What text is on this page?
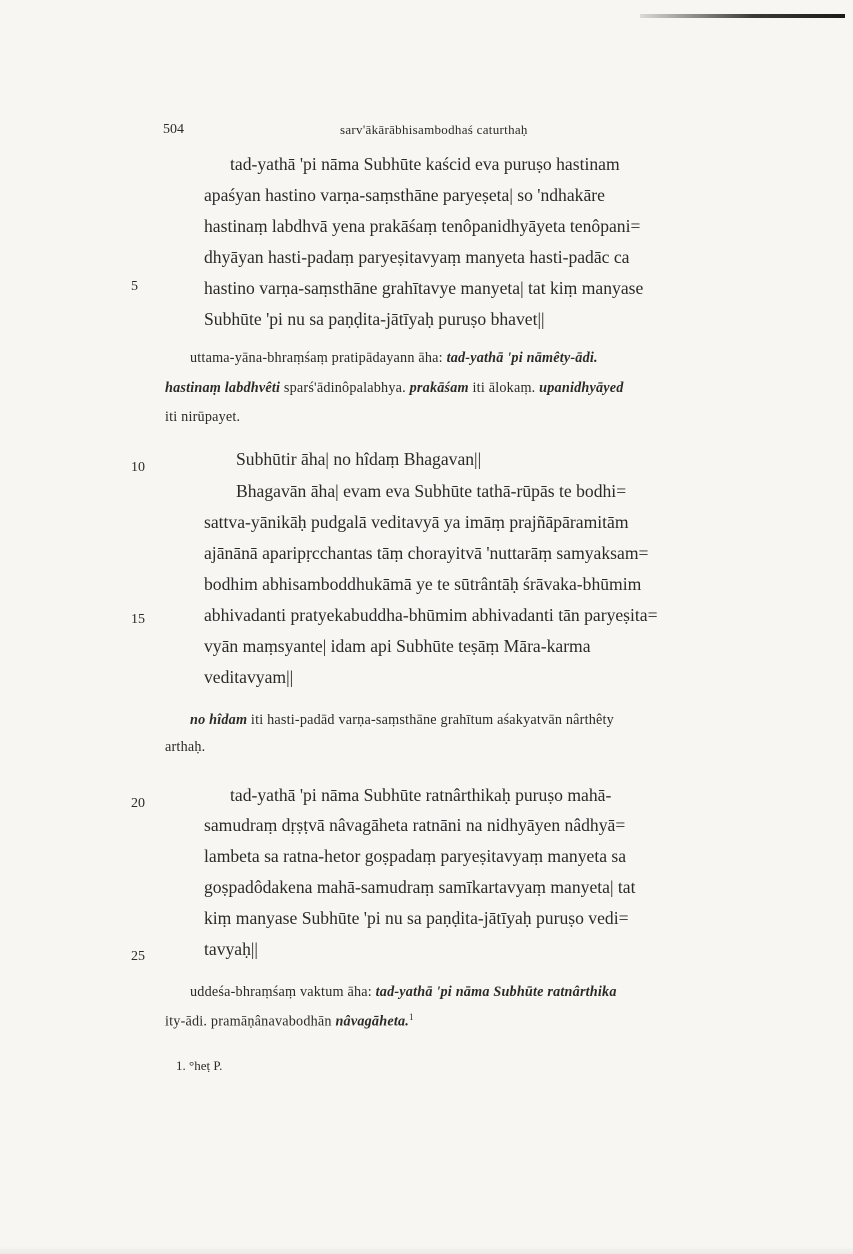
504	sarv'ākārābhisambodhaś caturthaḥ
5
10
15
20
25
tad-yathā 'pi nāma Subhūte kaścid eva puruṣo hastinam
apaśyan hastino varṇa-saṃsthāne paryeṣeta| so 'ndhakāre
hastinaṃ labdhvā yena prakāśaṃ tenôpanidhyāyeta tenôpani=
dhyāyan hasti-padaṃ paryeṣitavyaṃ manyeta hasti-padāc ca
hastino varṇa-saṃsthāne grahītavye manyeta| tat kiṃ manyase
Subhūte 'pi nu sa paṇḍita-jātīyaḥ puruṣo bhavet||
uttama-yāna-bhraṃśaṃ pratipādayann āha: tad-yathā 'pi nāmêty-ādi.
hastinaṃ labdhvêti sparś'ādinôpalabhya. prakāśam iti ālokaṃ. upanidhyāyed
iti nirūpayet.
Subhūtir āha| no hîdaṃ Bhagavan||
Bhagavān āha| evam eva Subhūte tathā-rūpās te bodhi=
sattva-yānikāḥ pudgalā veditavyā ya imāṃ prajñāpāramitām
ajānānā aparipṛcchantas tāṃ chorayitvā 'nuttarāṃ samyaksam=
bodhim abhisamboddhukāmā ye te sūtrântāḥ śrāvaka-bhūmim
abhivadanti pratyekabuddha-bhūmim abhivadanti tān paryeṣita=
vyān maṃsyante| idam api Subhūte teṣāṃ Māra-karma
veditavyam||
no hîdam iti hasti-padād varṇa-saṃsthāne grahītum aśakyatvān nârthêty
arthaḥ.
tad-yathā 'pi nāma Subhūte ratnârthikaḥ puruṣo mahā-
samudraṃ dṛṣṭvā nâvagāheta ratnāni na nidhyāyen nâdhyā=
lambeta sa ratna-hetor goṣpadaṃ paryeṣitavyaṃ manyeta sa
goṣpadôdakena mahā-samudraṃ samīkartavyaṃ manyeta| tat
kiṃ manyase Subhūte 'pi nu sa paṇḍita-jātīyaḥ puruṣo vedi=
tavyaḥ||
uddeśa-bhraṃśaṃ vaktum āha: tad-yathā 'pi nāma Subhūte ratnârthika
ity-ādi. pramāṇânavabodhān nâvagāheta.$^1$
1. °heṭ P.
